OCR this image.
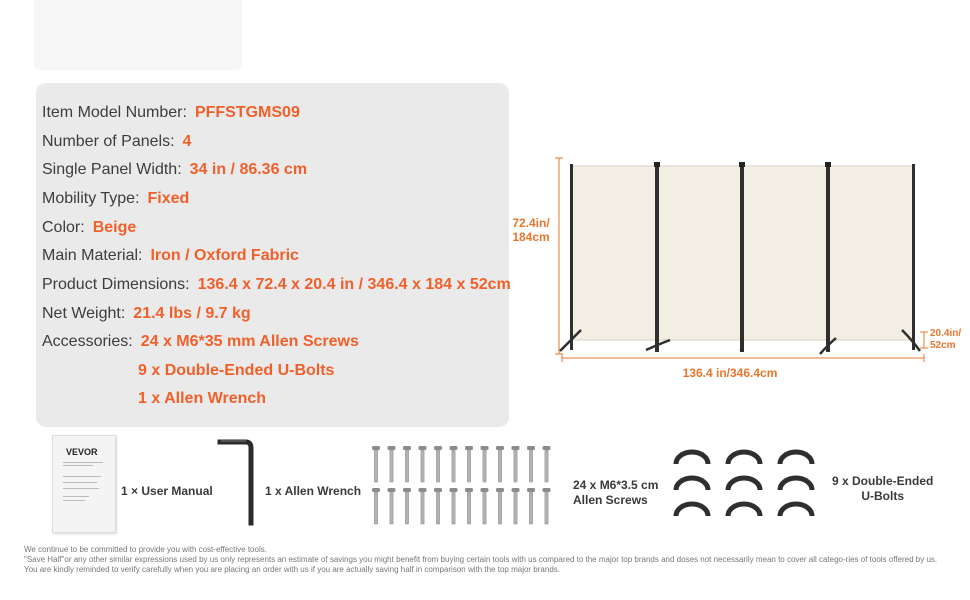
Item Model Number: PFFSTGMS09
Number of Panels: 4
Single Panel Width: 34 in / 86.36 cm
Mobility Type: Fixed
Color: Beige
Main Material: Iron / Oxford Fabric
Product Dimensions: 136.4 x 72.4 x 20.4 in / 346.4 x 184 x 52cm
Net Weight: 21.4 lbs / 9.7 kg
Accessories: 24 x M6*35 mm Allen Screws
9 x Double-Ended U-Bolts
1 x Allen Wrench
72.4in/ 184cm
136.4 in/346.4cm
20.4in/ 52cm
VEVOR
1 × User Manual	1 x Allen Wrench	24 x M6*3.5 cm
Allen Screws
9 x Double-Ended
U-Bolts
We continue to be committed to provide you with cost-effective tools.
"Save Half"or any other similar expressions used by us only represents an estimate of savings you might benefit from buying certain tools with us compared to the major top brands and doses not necessarily mean to cover all catego-ries of tools offered by us.
You are kindly reminded to verify carefully when you are placing an order with us if you are actually saving half in comparison with the top major brands.
